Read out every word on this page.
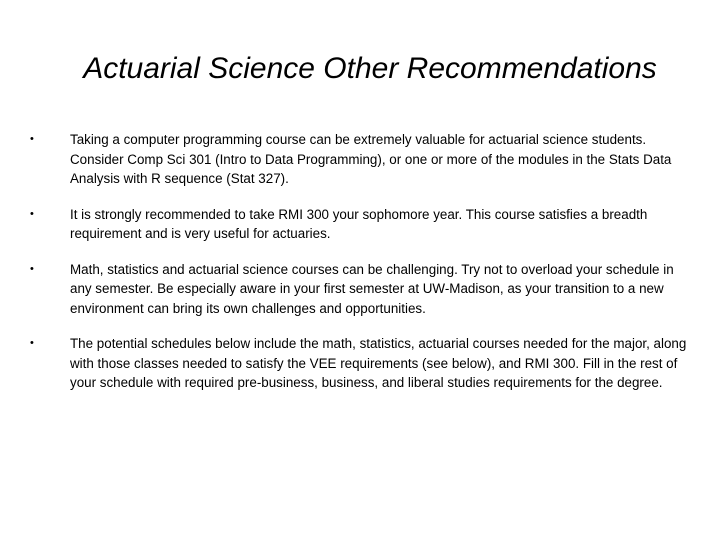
Actuarial Science Other Recommendations
•	Taking a computer programming course can be extremely valuable for actuarial science students. Consider Comp Sci 301 (Intro to Data Programming), or one or more of the modules in the Stats Data Analysis with R sequence (Stat 327).
•	It is strongly recommended to take RMI 300 your sophomore year. This course satisfies a breadth requirement and is very useful for actuaries.
•	Math, statistics and actuarial science courses can be challenging. Try not to overload your schedule in any semester. Be especially aware in your first semester at UW-Madison, as your transition to a new environment can bring its own challenges and opportunities.
•	The potential schedules below include the math, statistics, actuarial courses needed for the major, along with those classes needed to satisfy the VEE requirements (see below), and RMI 300. Fill in the rest of your schedule with required pre-business, business, and liberal studies requirements for the degree.
